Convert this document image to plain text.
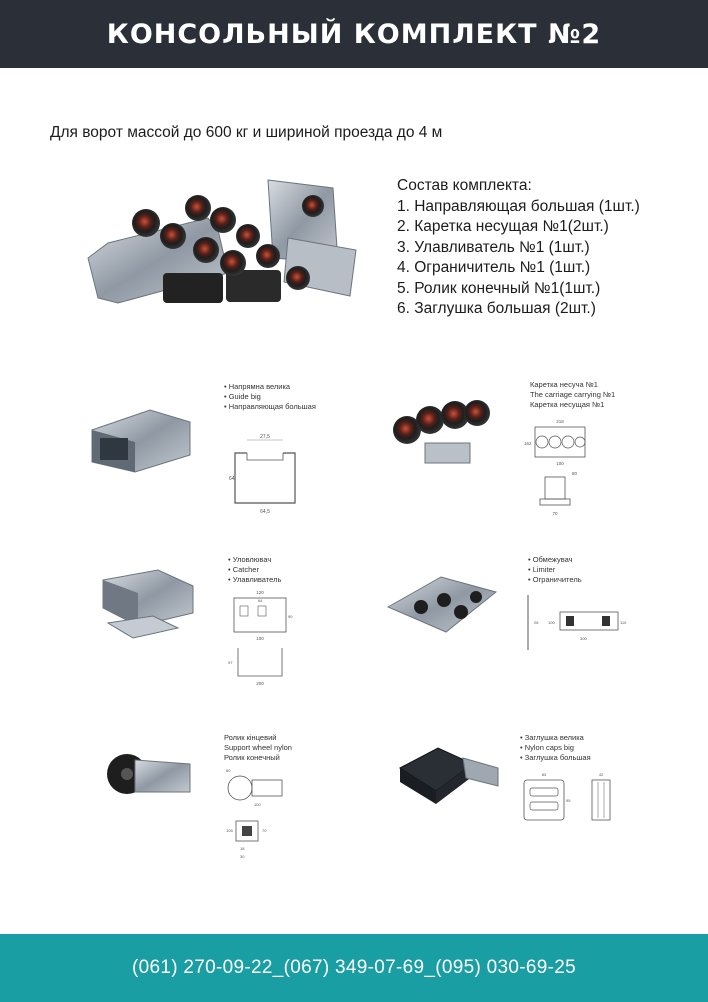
КОНСОЛЬНЫЙ КОМПЛЕКТ №2
Для ворот массой до 600 кг и шириной проезда до 4 м
Состав комплекта:
1. Направляющая большая (1шт.)
2. Каретка несущая №1(2шт.)
3. Улавливатель №1 (1шт.)
4. Ограничитель №1 (1шт.)
5. Ролик конечный №1(1шт.)
6. Заглушка большая (2шт.)
• Напрямна велика
• Guide big
• Направляющая большая
27,5
64
64,5
Каретка несуча №1
The carriage carrying №1
Каретка несущая №1
218
162
100
80
70
• Уловлювач
• Catcher
• Улавливатель
120
64
90
100
97
200
• Обмежувач
• Limiter
• Ограничитель
28 100
300
110
Ролик кінцевий
Support wheel nylon
Ролик конечный
60
100
105	70
18
30
• Заглушка велика
• Nylon caps big
• Заглушка большая
83
95
42
(061) 270-09-22_(067) 349-07-69_(095) 030-69-25
